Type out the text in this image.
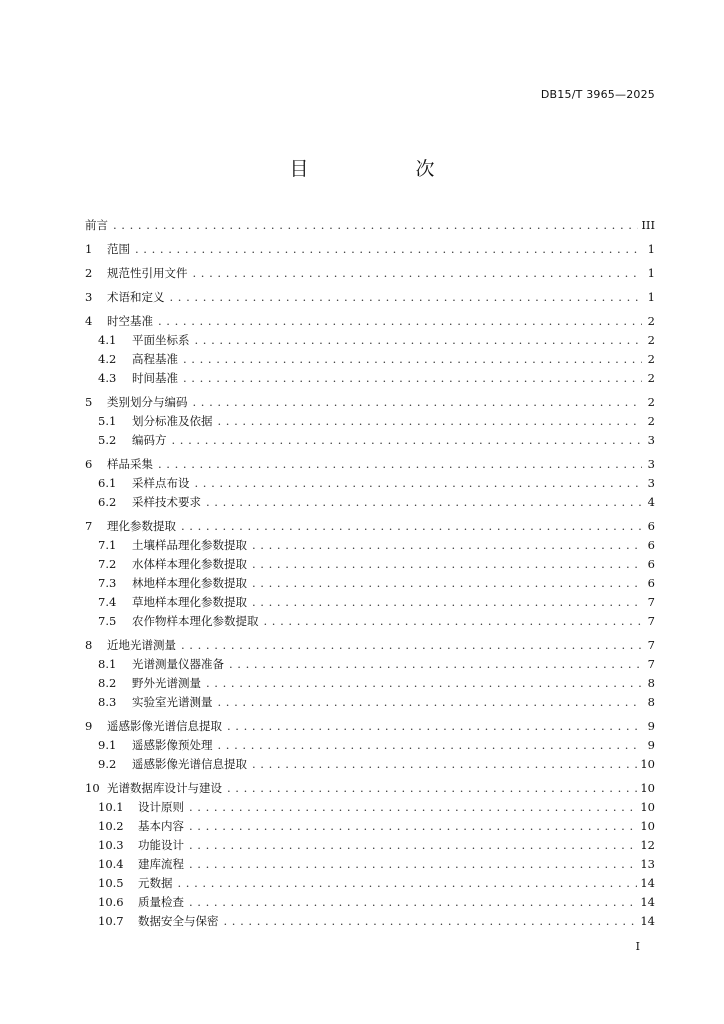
DB15/T 3965—2025
目　次
前言 . . .	III
1	范围 . . .	1
2	规范性引用文件 . . .	1
3	术语和定义 . . .	1
4	时空基准 . . .	2
4.1	平面坐标系 . . .	2
4.2	高程基准 . . .	2
4.3	时间基准 . . .	2
5	类别划分与编码 . . .	2
5.1	划分标准及依据 . . .	2
5.2	编码方 . . .	3
6	样品采集 . . .	3
6.1	采样点布设 . . .	3
6.2	采样技术要求 . . .	4
7	理化参数提取 . . .	6
7.1	土壤样品理化参数提取 . . .	6
7.2	水体样本理化参数提取 . . .	6
7.3	林地样本理化参数提取 . . .	6
7.4	草地样本理化参数提取 . . .	7
7.5	农作物样本理化参数提取 . . .	7
8	近地光谱测量 . . .	7
8.1	光谱测量仪器准备 . . .	7
8.2	野外光谱测量 . . .	8
8.3	实验室光谱测量 . . .	8
9	遥感影像光谱信息提取 . . .	9
9.1	遥感影像预处理 . . .	9
9.2	遥感影像光谱信息提取 . . .	10
10 光谱数据库设计与建设 . . .	10
10.1	设计原则 . . .	10
10.2	基本内容 . . .	10
10.3	功能设计 . . .	12
10.4	建库流程 . . .	13
10.5	元数据 . . .	14
10.6	质量检查 . . .	14
10.7	数据安全与保密 . . .	14
I
